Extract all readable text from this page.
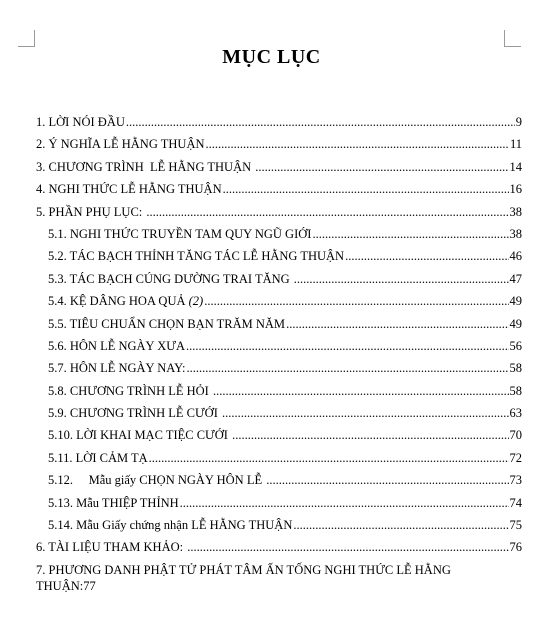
MỤC LỤC
1. LỜI NÓI ĐẦU .....	9
2. Ý NGHĨA LỄ HẰNG THUẬN .....	11
3. CHƯƠNG TRÌNH  LỄ HẰNG THUẬN .....	14
4. NGHI THỨC LỄ HẰNG THUẬN .....	16
5. PHẦN PHỤ LỤC: .....	38
5.1. NGHI THỨC TRUYỀN TAM QUY NGŨ GIỚI .....	38
5.2. TÁC BẠCH THỈNH TĂNG TÁC LỄ HẰNG THUẬN .....	46
5.3. TÁC BẠCH CÚNG DƯỜNG TRAI TĂNG .....	47
5.4. KỆ DÂNG HOA QUẢ (2) .....	49
5.5. TIÊU CHUẨN CHỌN BẠN TRĂM NĂM .....	49
5.6. HÔN LỄ NGÀY XƯA .....	56
5.7. HÔN LỄ NGÀY NAY: .....	58
5.8. CHƯƠNG TRÌNH LỄ HỎI .....	58
5.9. CHƯƠNG TRÌNH LỄ CƯỚI .....	63
5.10. LỜI KHAI MẠC TIỆC CƯỚI .....	70
5.11. LỜI CẢM TẠ .....	72
5.12.     Mẫu giấy CHỌN NGÀY HÔN LỄ .....	73
5.13. Mẫu THIỆP THỈNH .....	74
5.14. Mẫu Giấy chứng nhận LỄ HẰNG THUẬN .....	75
6. TÀI LIỆU THAM KHẢO: .....	76
7. PHƯƠNG DANH PHẬT TỬ PHÁT TÂM ẤN TỐNG NGHI THỨC LỄ HẰNG
THUẬN: 77
